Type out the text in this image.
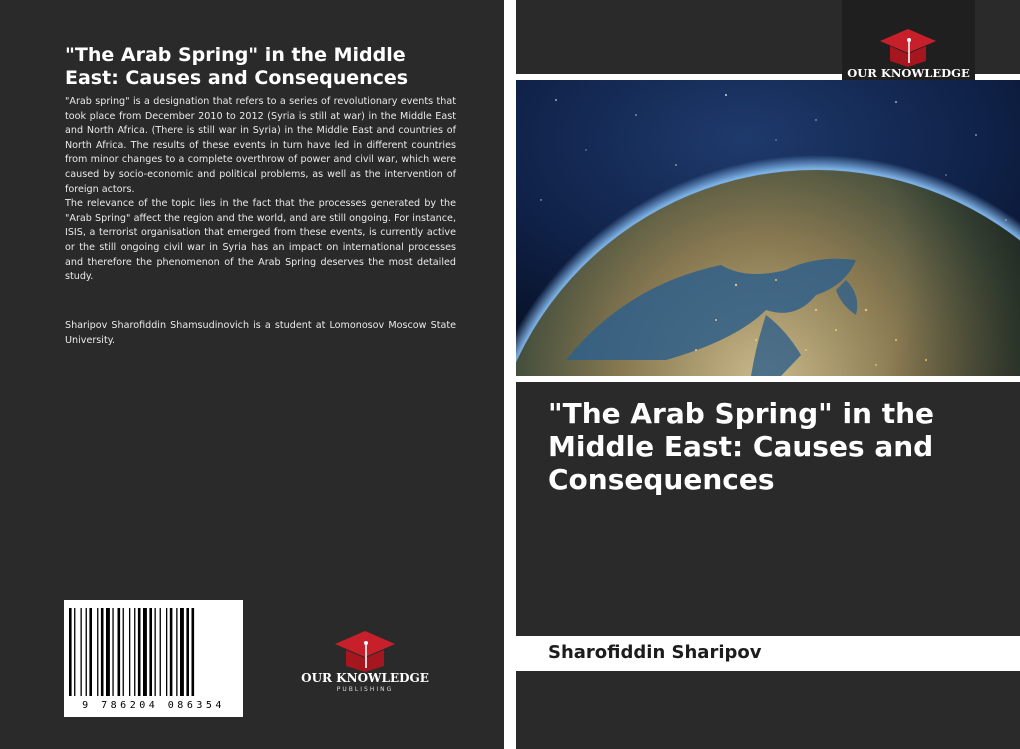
"The Arab Spring" in the Middle East: Causes and Consequences

"Arab spring" is a designation that refers to a series of revolutionary events that took place from December 2010 to 2012 (Syria is still at war) in the Middle East and North Africa. (There is still war in Syria) in the Middle East and countries of North Africa. The results of these events in turn have led in different countries from minor changes to a complete overthrow of power and civil war, which were caused by socio-economic and political problems, as well as the intervention of foreign actors.

The relevance of the topic lies in the fact that the processes generated by the "Arab Spring" affect the region and the world, and are still ongoing. For instance, ISIS, a terrorist organisation that emerged from these events, is currently active or the still ongoing civil war in Syria has an impact on international processes and therefore the phenomenon of the Arab Spring deserves the most detailed study.

Sharipov Sharofiddin Shamsudinovich is a student at Lomonosov Moscow State University.

9 786204 086354
OUR KNOWLEDGE
PUBLISHING
OUR KNOWLEDGE
"The Arab Spring" in the Middle East: Causes and Consequences
Sharofiddin Sharipov
